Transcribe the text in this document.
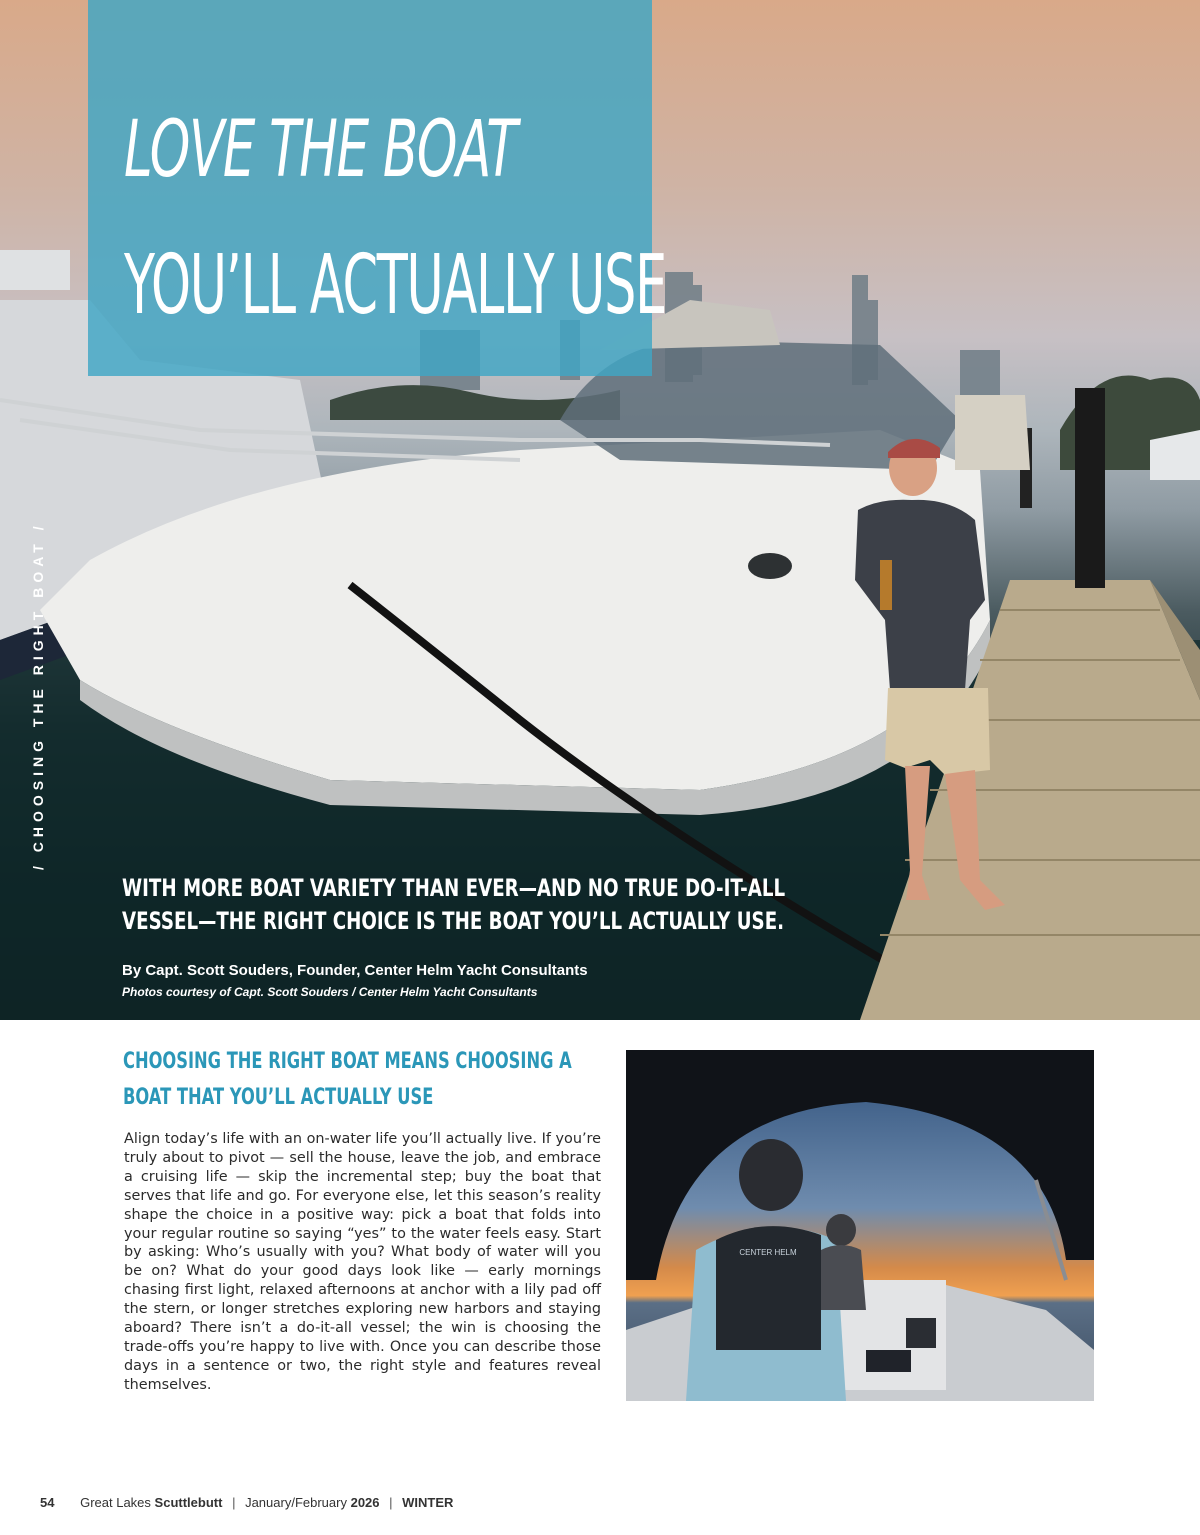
LOVE THE BOAT
YOU’LL ACTUALLY USE
/ CHOOSING THE RIGHT BOAT /

WITH MORE BOAT VARIETY THAN EVER—AND NO TRUE DO-IT-ALL
VESSEL—THE RIGHT CHOICE IS THE BOAT YOU’LL ACTUALLY USE.

By Capt. Scott Souders, Founder, Center Helm Yacht Consultants
Photos courtesy of Capt. Scott Souders / Center Helm Yacht Consultants
CHOOSING THE RIGHT BOAT MEANS CHOOSING A BOAT THAT YOU’LL ACTUALLY USE

Align today’s life with an on-water life you’ll actually live. If you’re truly about to pivot — sell the house, leave the job, and embrace a cruising life — skip the incremental step; buy the boat that serves that life and go. For everyone else, let this season’s reality shape the choice in a positive way: pick a boat that folds into your regular routine so saying “yes” to the water feels easy. Start by asking: Who’s usually with you? What body of water will you be on? What do your good days look like — early mornings chasing first light, relaxed afternoons at anchor with a lily pad off the stern, or longer stretches exploring new harbors and staying aboard? There isn’t a do-it-all vessel; the win is choosing the trade-offs you’re happy to live with. Once you can describe those days in a sentence or two, the right style and features reveal themselves.

CENTER HELM
54 Great Lakes Scuttlebutt | January/February 2026 | WINTER
